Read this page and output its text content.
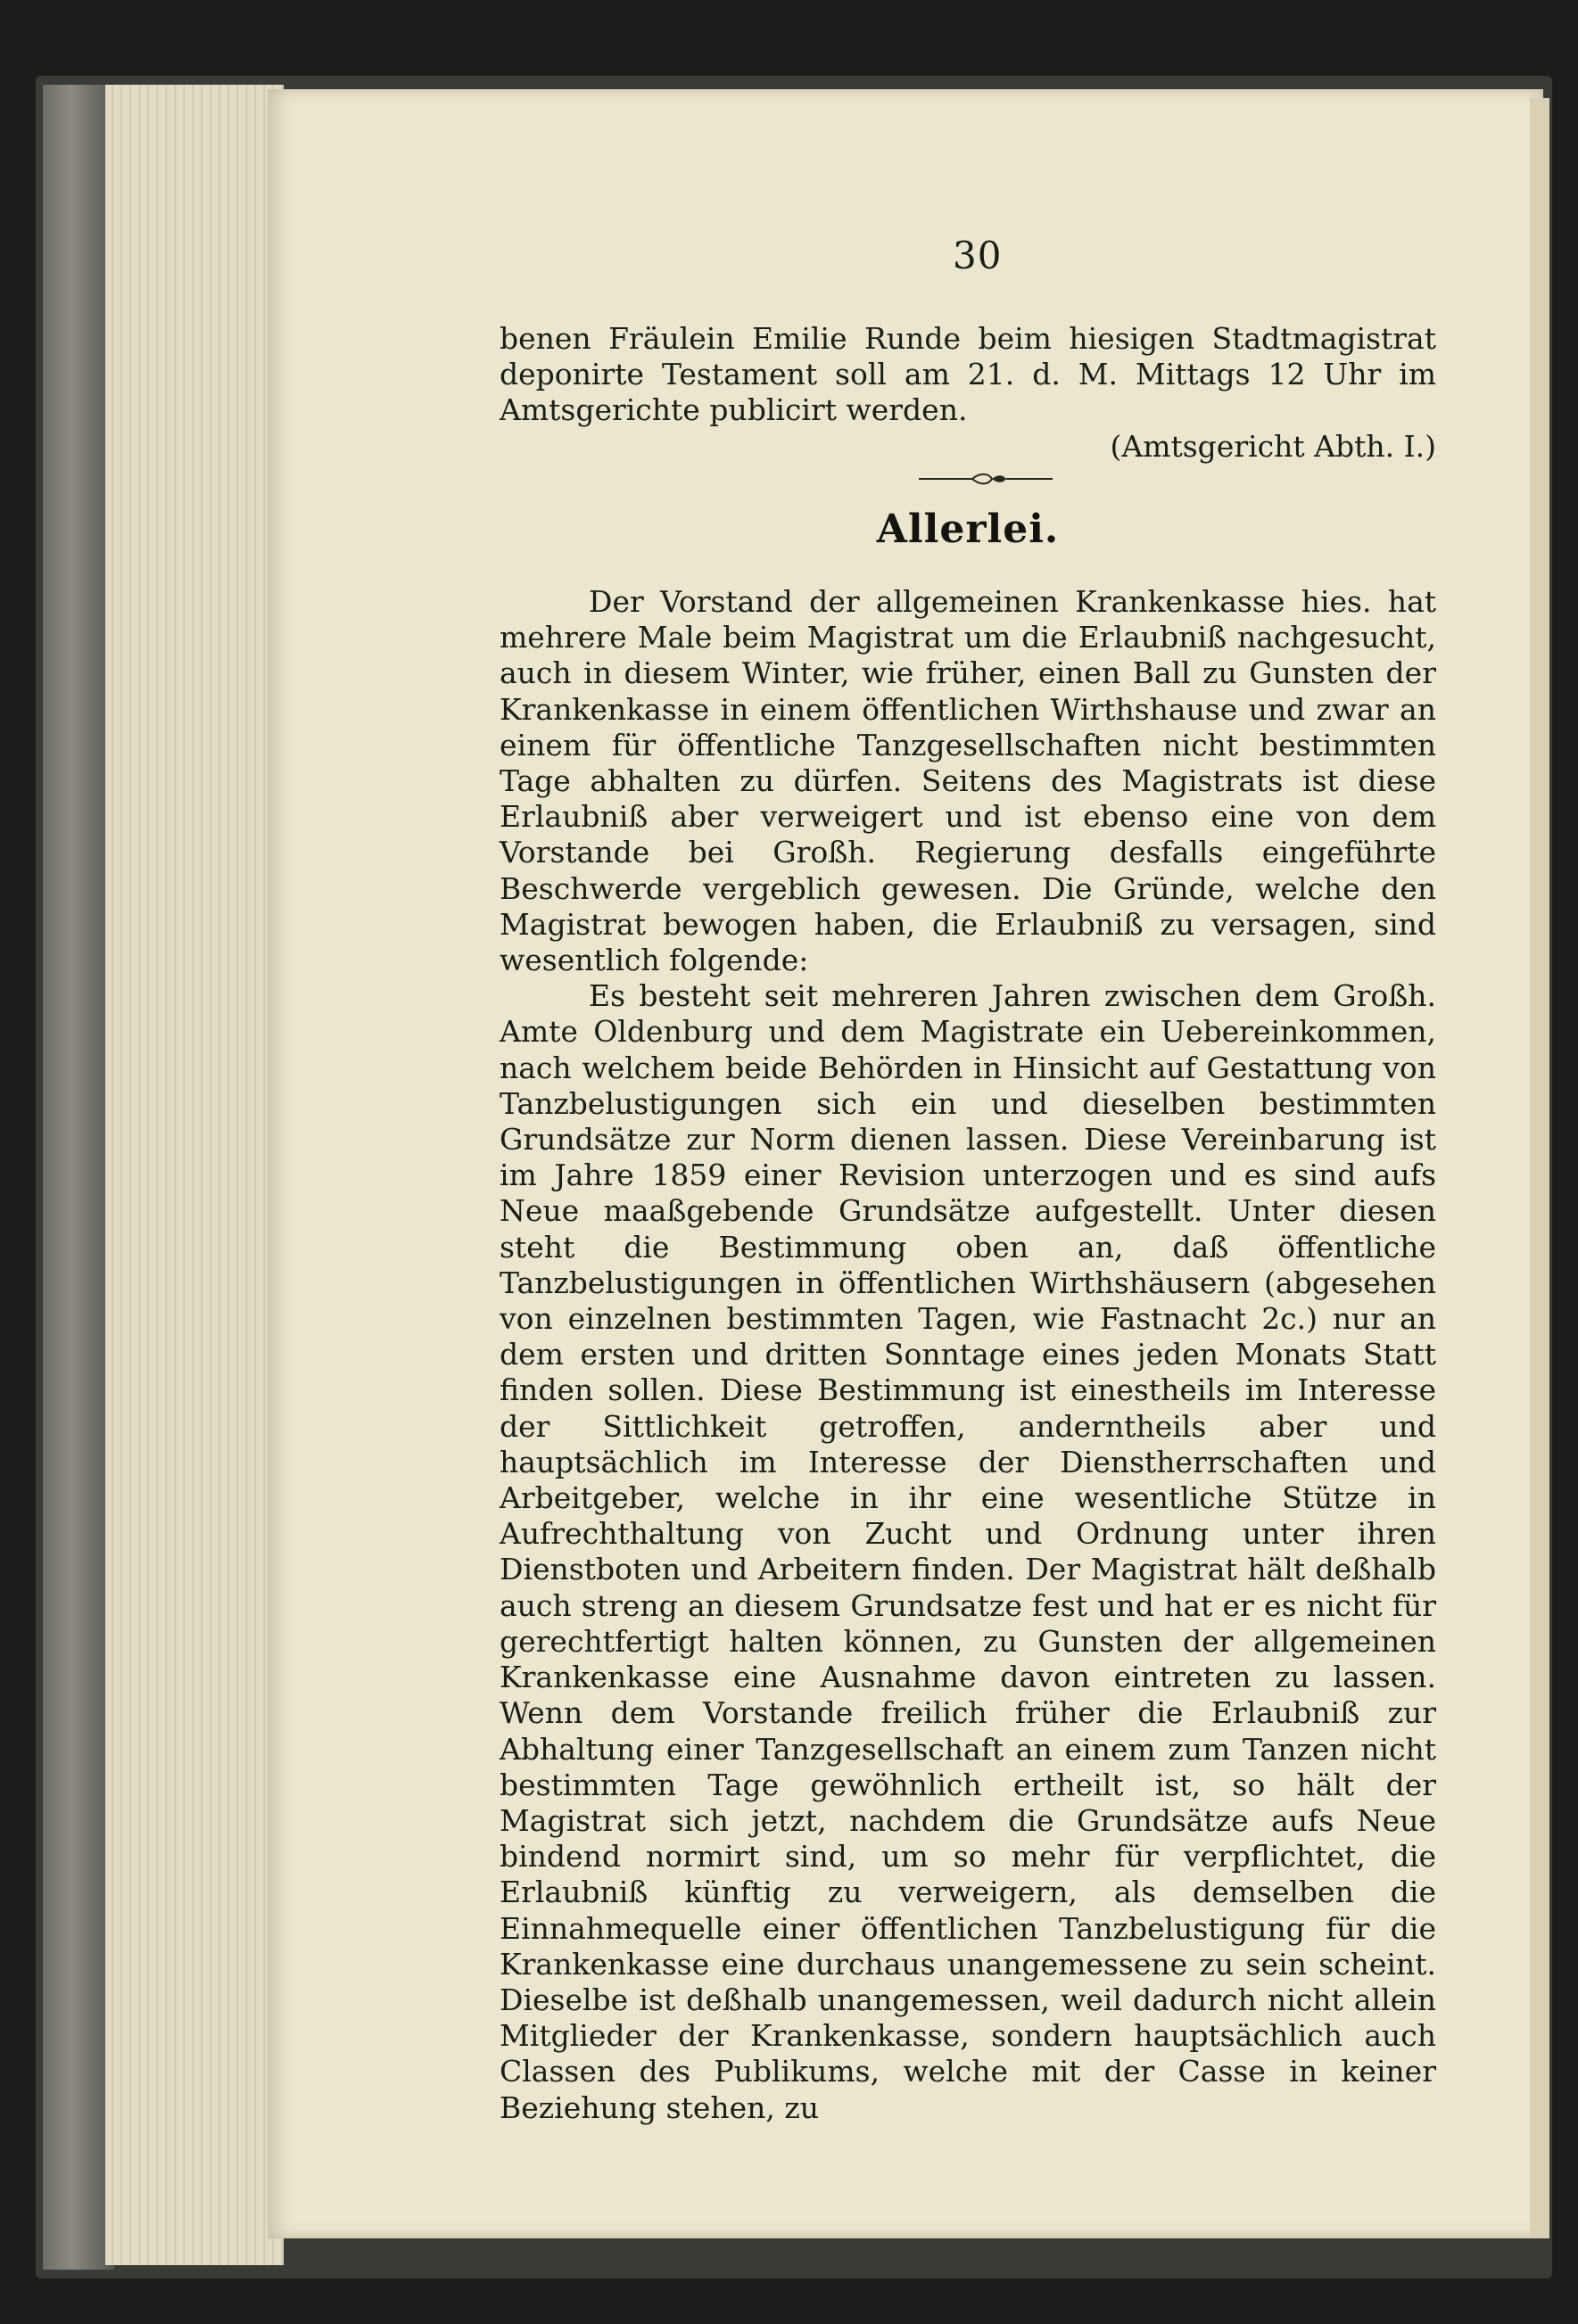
30

benen Fräulein Emilie Runde beim hiesigen Stadtmagistrat deponirte Testament soll am 21. d. M. Mittags 12 Uhr im Amtsgerichte publicirt werden.

(Amtsgericht Abth. I.)
Allerlei.

Der Vorstand der allgemeinen Krankenkasse hies. hat mehrere Male beim Magistrat um die Erlaubniß nachgesucht, auch in diesem Winter, wie früher, einen Ball zu Gunsten der Krankenkasse in einem öffentlichen Wirthshause und zwar an einem für öffentliche Tanzgesellschaften nicht bestimmten Tage abhalten zu dürfen. Seitens des Magistrats ist diese Erlaubniß aber verweigert und ist ebenso eine von dem Vorstande bei Großh. Regierung desfalls eingeführte Beschwerde vergeblich gewesen. Die Gründe, welche den Magistrat bewogen haben, die Erlaubniß zu versagen, sind wesentlich folgende:

Es besteht seit mehreren Jahren zwischen dem Großh. Amte Oldenburg und dem Magistrate ein Uebereinkommen, nach welchem beide Behörden in Hinsicht auf Gestattung von Tanzbelustigungen sich ein und dieselben bestimmten Grundsätze zur Norm dienen lassen. Diese Vereinbarung ist im Jahre 1859 einer Revision unterzogen und es sind aufs Neue maaßgebende Grundsätze aufgestellt. Unter diesen steht die Bestimmung oben an, daß öffentliche Tanzbelustigungen in öffentlichen Wirthshäusern (abgesehen von einzelnen bestimmten Tagen, wie Fastnacht 2c.) nur an dem ersten und dritten Sonntage eines jeden Monats Statt finden sollen. Diese Bestimmung ist einestheils im Interesse der Sittlichkeit getroffen, anderntheils aber und hauptsächlich im Interesse der Dienstherrschaften und Arbeitgeber, welche in ihr eine wesentliche Stütze in Aufrechthaltung von Zucht und Ordnung unter ihren Dienstboten und Arbeitern finden. Der Magistrat hält deßhalb auch streng an diesem Grundsatze fest und hat er es nicht für gerechtfertigt halten können, zu Gunsten der allgemeinen Krankenkasse eine Ausnahme davon eintreten zu lassen. Wenn dem Vorstande freilich früher die Erlaubniß zur Abhaltung einer Tanzgesellschaft an einem zum Tanzen nicht bestimmten Tage gewöhnlich ertheilt ist, so hält der Magistrat sich jetzt, nachdem die Grundsätze aufs Neue bindend normirt sind, um so mehr für verpflichtet, die Erlaubniß künftig zu verweigern, als demselben die Einnahmequelle einer öffentlichen Tanzbelustigung für die Krankenkasse eine durchaus unangemessene zu sein scheint. Dieselbe ist deßhalb unangemessen, weil dadurch nicht allein Mitglieder der Krankenkasse, sondern hauptsächlich auch Classen des Publikums, welche mit der Casse in keiner Beziehung stehen, zu
